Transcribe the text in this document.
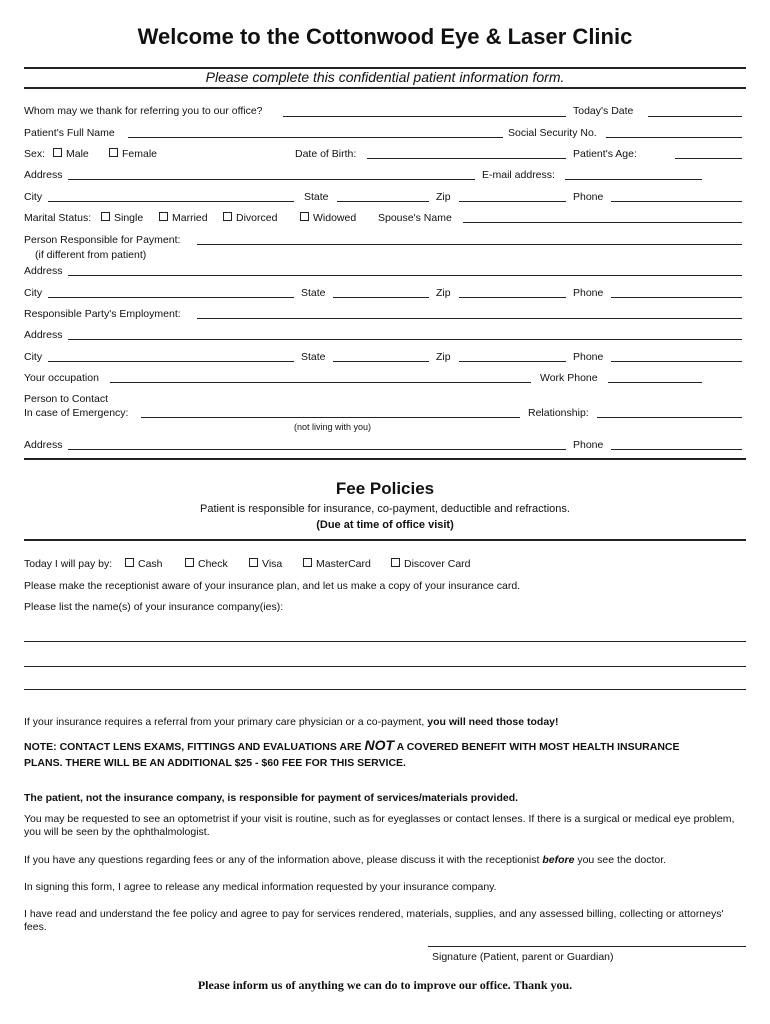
Welcome to the Cottonwood Eye & Laser Clinic
Please complete this confidential patient information form.
Whom may we thank for referring you to our office?	Today's Date
Patient's Full Name	Social Security No.
Sex:	Male	Female	Date of Birth:	Patient's Age:
Address	E-mail address:
City	State	Zip	Phone
Marital Status:	Single	Married	Divorced	Widowed Spouse's Name
Person Responsible for Payment:
(if different from patient)
Address
City	State	Zip	Phone
Responsible Party's Employment:
Address
City	State	Zip	Phone
Your occupation	Work Phone
Person to Contact
In case of Emergency:	Relationship:
(not living with you)
Address	Phone
Fee Policies
Patient is responsible for insurance, co-payment, deductible and refractions.
(Due at time of office visit)
Today I will pay by:	Cash	Check	Visa	MasterCard	Discover Card
Please make the receptionist aware of your insurance plan, and let us make a copy of your insurance card.
Please list the name(s) of your insurance company(ies):
If your insurance requires a referral from your primary care physician or a co-payment, you will need those today!
NOTE: CONTACT LENS EXAMS, FITTINGS AND EVALUATIONS ARE NOT A COVERED BENEFIT WITH MOST HEALTH INSURANCE
PLANS. THERE WILL BE AN ADDITIONAL $25 - $60 FEE FOR THIS SERVICE.
The patient, not the insurance company, is responsible for payment of services/materials provided.
You may be requested to see an optometrist if your visit is routine, such as for eyeglasses or contact lenses. If there is a surgical or medical eye problem, you will be seen by the ophthalmologist.
If you have any questions regarding fees or any of the information above, please discuss it with the receptionist before you see the doctor.
In signing this form, I agree to release any medical information requested by your insurance company.
I have read and understand the fee policy and agree to pay for services rendered, materials, supplies, and any assessed billing, collecting or attorneys' fees.
Signature (Patient, parent or Guardian)
Please inform us of anything we can do to improve our office. Thank you.
